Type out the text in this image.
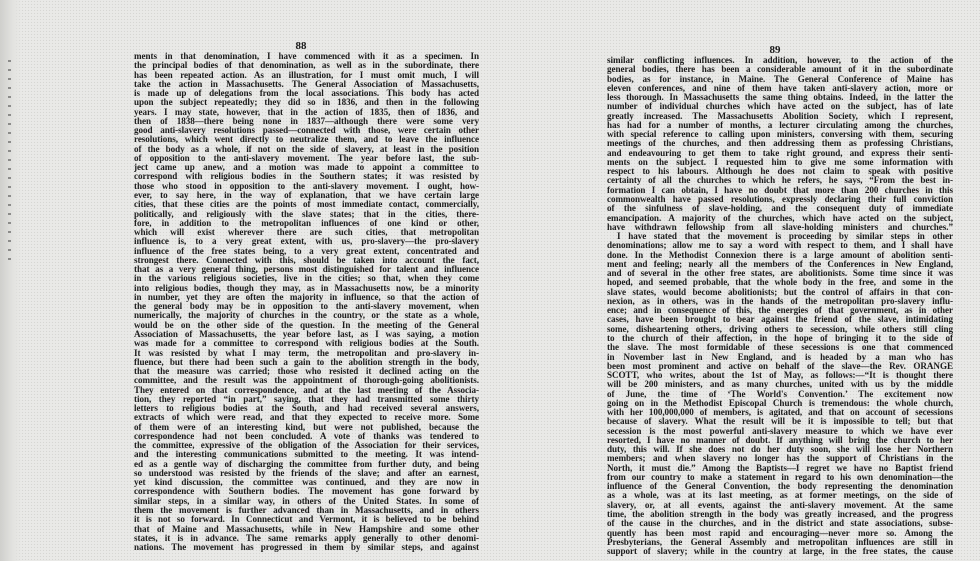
88
ments in that denomination, I have commenced with it as a specimen. In
the principal bodies of that denomination, as well as in the subordinate, there
has been repeated action. As an illustration, for I must omit much, I will
take the action in Massachusetts. The General Association of Massachusetts,
is made up of delegations from the local associations. This body has acted
upon the subject repeatedly; they did so in 1836, and then in the following
years. I may state, however, that in the action of 1835, then of 1836, and
then of 1838—there being none in 1837—although there were some very
good anti-slavery resolutions passed—connected with those, were certain other
resolutions, which went directly to neutralize them, and to leave the influence
of the body as a whole, if not on the side of slavery, at least in the position
of opposition to the anti-slavery movement. The year before last, the sub-
ject came up anew, and a motion was made to appoint a committee to
correspond with religious bodies in the Southern states; it was resisted by
those who stood in opposition to the anti-slavery movement. I ought, how-
ever, to say here, in the way of explanation, that we have certain large
cities, that these cities are the points of most immediate contact, commercially,
politically, and religiously with the slave states; that in the cities, there-
fore, in addition to the metropolitan influences of one kind or other,
which will exist wherever there are such cities, that metropolitan
influence is, to a very great extent, with us, pro-slavery—the pro-slavery
influence of the free states being, to a very great extent, concentrated and
strongest there. Connected with this, should be taken into account the fact,
that as a very general thing, persons most distinguished for talent and influence
in the various religious societies, live in the cities; so that, when they come
into religious bodies, though they may, as in Massachusetts now, be a minority
in number, yet they are often the majority in influence, so that the action of
the general body may be in opposition to the anti-slavery movement, when
numerically, the majority of churches in the country, or the state as a whole,
would be on the other side of the question. In the meeting of the General
Association of Massachusetts, the year before last, as I was saying, a motion
was made for a committee to correspond with religious bodies at the South.
It was resisted by what I may term, the metropolitan and pro-slavery in-
fluence, but there had been such a gain to the abolition strength in the body,
that the measure was carried; those who resisted it declined acting on the
committee, and the result was the appointment of thorough-going abolitionists.
They entered on that correspondence, and at the last meeting of the Associa-
tion, they reported “in part,” saying, that they had transmitted some thirty
letters to religious bodies at the South, and had received several answers,
extracts of which were read, and that they expected to receive more. Some
of them were of an interesting kind, but were not published, because the
correspondence had not been concluded. A vote of thanks was tendered to
the committee, expressive of the obligation of the Association for their services,
and the interesting communications submitted to the meeting. It was intend-
ed as a gentle way of discharging the committee from further duty, and being
so understood was resisted by the friends of the slave; and after an earnest,
yet kind discussion, the committee was continued, and they are now in
correspondence with Southern bodies. The movement has gone forward by
similar steps, in a similar way, in others of the United States. In some of
them the movement is further advanced than in Massachusetts, and in others
it is not so forward. In Connecticut and Vermont, it is believed to be behind
that of Maine and Massachusetts, while in New Hampshire and some other
states, it is in advance. The same remarks apply generally to other denomi-
nations. The movement has progressed in them by similar steps, and against
89
similar conflicting influences. In addition, however, to the action of the
general bodies, there has been a considerable amount of it in the subordinate
bodies, as for instance, in Maine. The General Conference of Maine has
eleven conferences, and nine of them have taken anti-slavery action, more or
less thorough. In Massachusetts the same thing obtains. Indeed, in the latter the
number of individual churches which have acted on the subject, has of late
greatly increased. The Massachusetts Abolition Society, which I represent,
has had for a number of months, a lecturer circulating among the churches,
with special reference to calling upon ministers, conversing with them, securing
meetings of the churches, and then addressing them as professing Christians,
and endeavouring to get them to take right ground, and express their senti-
ments on the subject. I requested him to give me some information with
respect to his labours. Although he does not claim to speak with positive
certainty of all the churches to which he refers, he says, “From the best in-
formation I can obtain, I have no doubt that more than 200 churches in this
commonwealth have passed resolutions, expressly declaring their full conviction
of the sinfulness of slave-holding, and the consequent duty of immediate
emancipation. A majority of the churches, which have acted on the subject,
have withdrawn fellowship from all slave-holding ministers and churches.”
I have stated that the movement is proceeding by similar steps in other
denominations; allow me to say a word with respect to them, and I shall have
done. In the Methodist Connexion there is a large amount of abolition senti-
ment and feeling; nearly all the members of the Conferences in New England,
and of several in the other free states, are abolitionists. Some time since it was
hoped, and seemed probable, that the whole body in the free, and some in the
slave states, would become abolitionists; but the control of affairs in that con-
nexion, as in others, was in the hands of the metropolitan pro-slavery influ-
ence; and in consequence of this, the energies of that government, as in other
cases, have been brought to bear against the friend of the slave, intimidating
some, disheartening others, driving others to secession, while others still cling
to the church of their affection, in the hope of bringing it to the side of
the slave. The most formidable of these secessions is one that commenced
in November last in New England, and is headed by a man who has
been most prominent and active on behalf of the slave—the Rev. ORANGE
SCOTT, who writes, about the 1st of May, as follows:—“It is thought there
will be 200 ministers, and as many churches, united with us by the middle
of June, the time of ‘The World's Convention.’ The excitement now
going on in the Methodist Episcopal Church is tremendous: the whole church,
with her 100,000,000 of members, is agitated, and that on account of secessions
because of slavery. What the result will be it is impossible to tell; but that
secession is the most powerful anti-slavery measure to which we have ever
resorted, I have no manner of doubt. If anything will bring the church to her
duty, this will. If she does not do her duty soon, she will lose her Northern
members; and when slavery no longer has the support of Christians in the
North, it must die.” Among the Baptists—I regret we have no Baptist friend
from our country to make a statement in regard to his own denomination—the
influence of the General Convention, the body representing the denomination
as a whole, was at its last meeting, as at former meetings, on the side of
slavery, or, at all events, against the anti-slavery movement. At the same
time, the abolition strength in the body was greatly increased, and the progress
of the cause in the churches, and in the district and state associations, subse-
quently has been most rapid and encouraging—never more so. Among the
Presbyterians, the General Assembly and metropolitan influences are still in
support of slavery; while in the country at large, in the free states, the cause
